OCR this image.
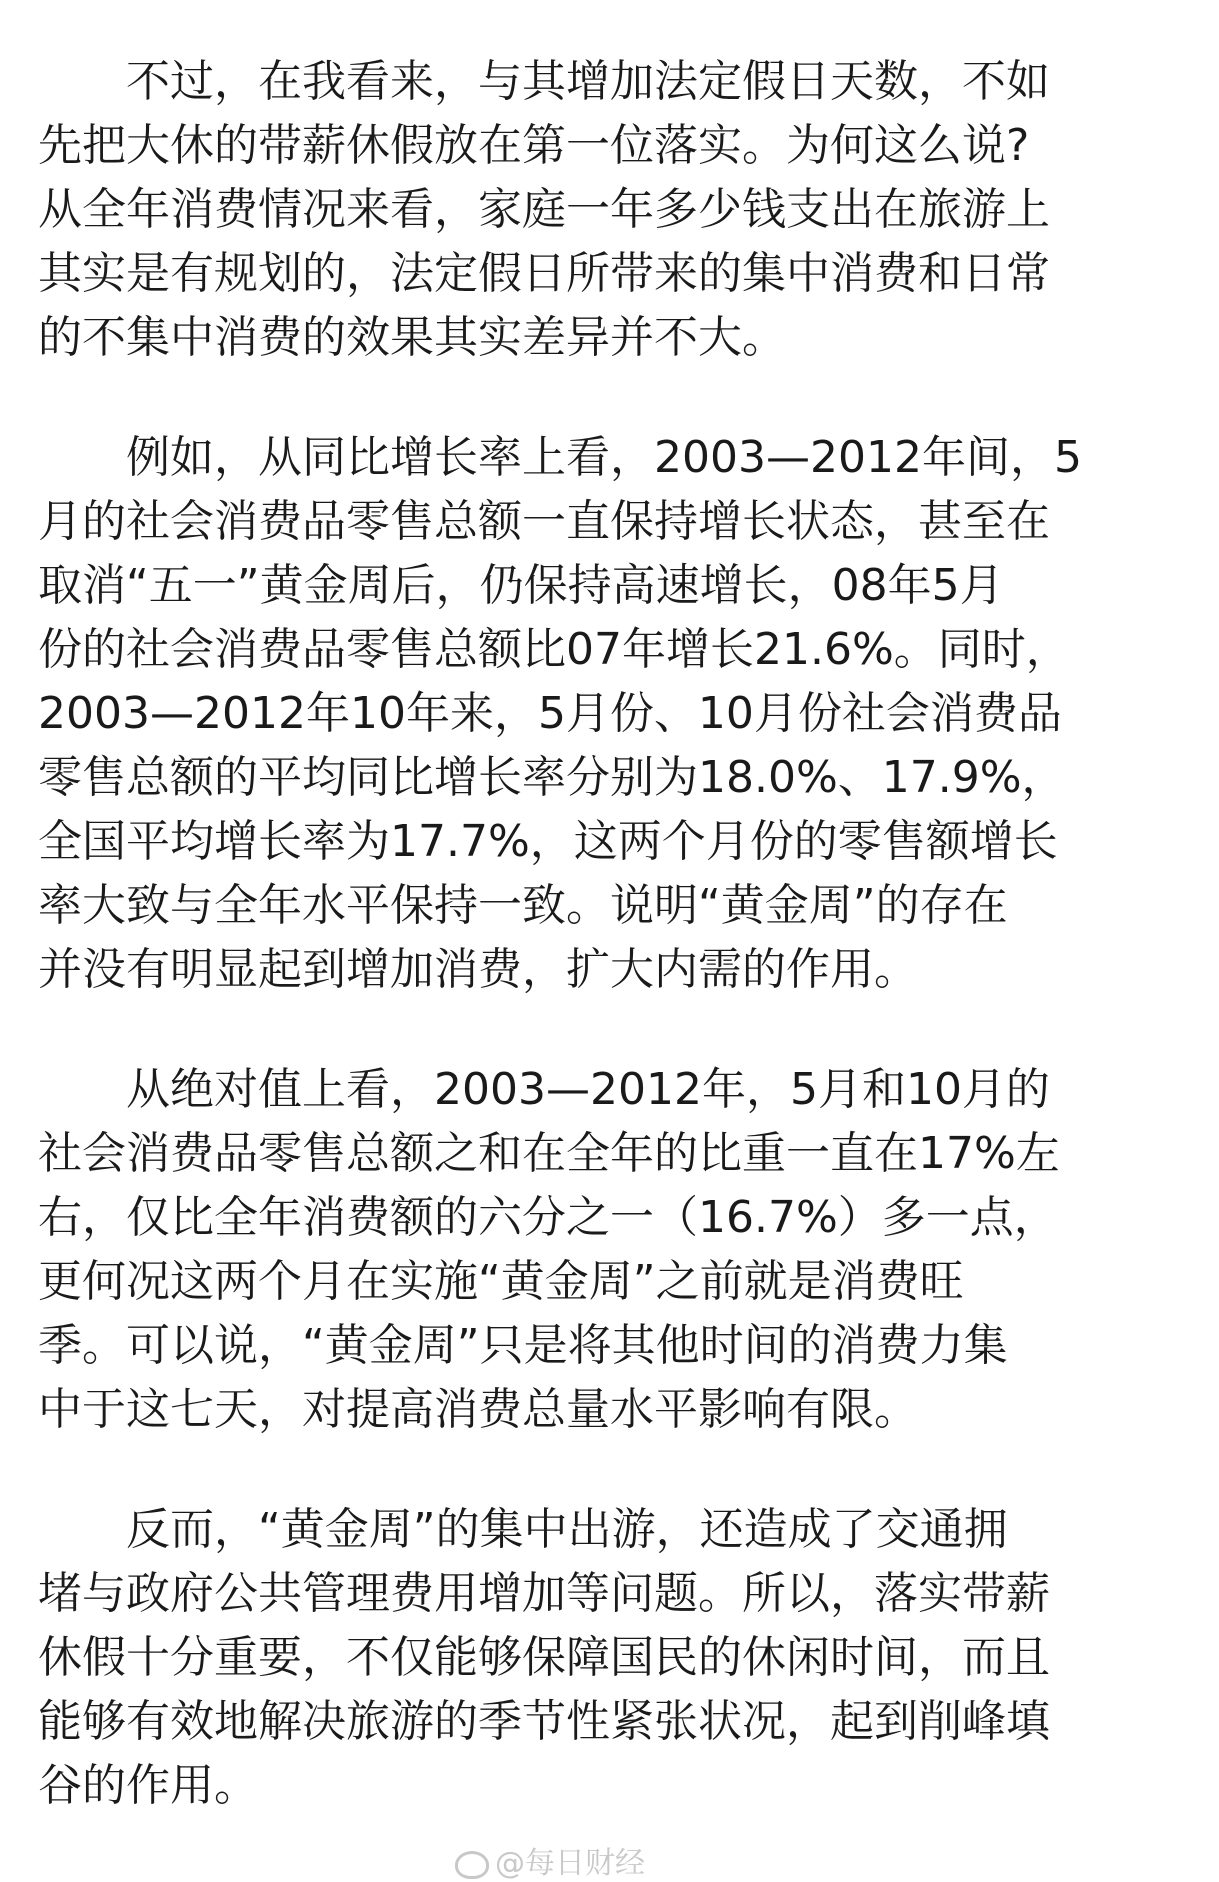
不过，在我看来，与其增加法定假日天数，不如
先把大休的带薪休假放在第一位落实。为何这么说?
从全年消费情况来看，家庭一年多少钱支出在旅游上
其实是有规划的，法定假日所带来的集中消费和日常
的不集中消费的效果其实差异并不大。
例如，从同比增长率上看，2003—2012年间，5
月的社会消费品零售总额一直保持增长状态，甚至在
取消“五一”黄金周后，仍保持高速增长，08年5月
份的社会消费品零售总额比07年增长21.6%。同时，
2003—2012年10年来，5月份、10月份社会消费品
零售总额的平均同比增长率分别为18.0%、17.9%，
全国平均增长率为17.7%，这两个月份的零售额增长
率大致与全年水平保持一致。说明“黄金周”的存在
并没有明显起到增加消费，扩大内需的作用。
从绝对值上看，2003—2012年，5月和10月的
社会消费品零售总额之和在全年的比重一直在17%左
右，仅比全年消费额的六分之一（16.7%）多一点，
更何况这两个月在实施“黄金周”之前就是消费旺
季。可以说，“黄金周”只是将其他时间的消费力集
中于这七天，对提高消费总量水平影响有限。
反而，“黄金周”的集中出游，还造成了交通拥
堵与政府公共管理费用增加等问题。所以，落实带薪
休假十分重要，不仅能够保障国民的休闲时间，而且
能够有效地解决旅游的季节性紧张状况，起到削峰填
谷的作用。
@每日财经
